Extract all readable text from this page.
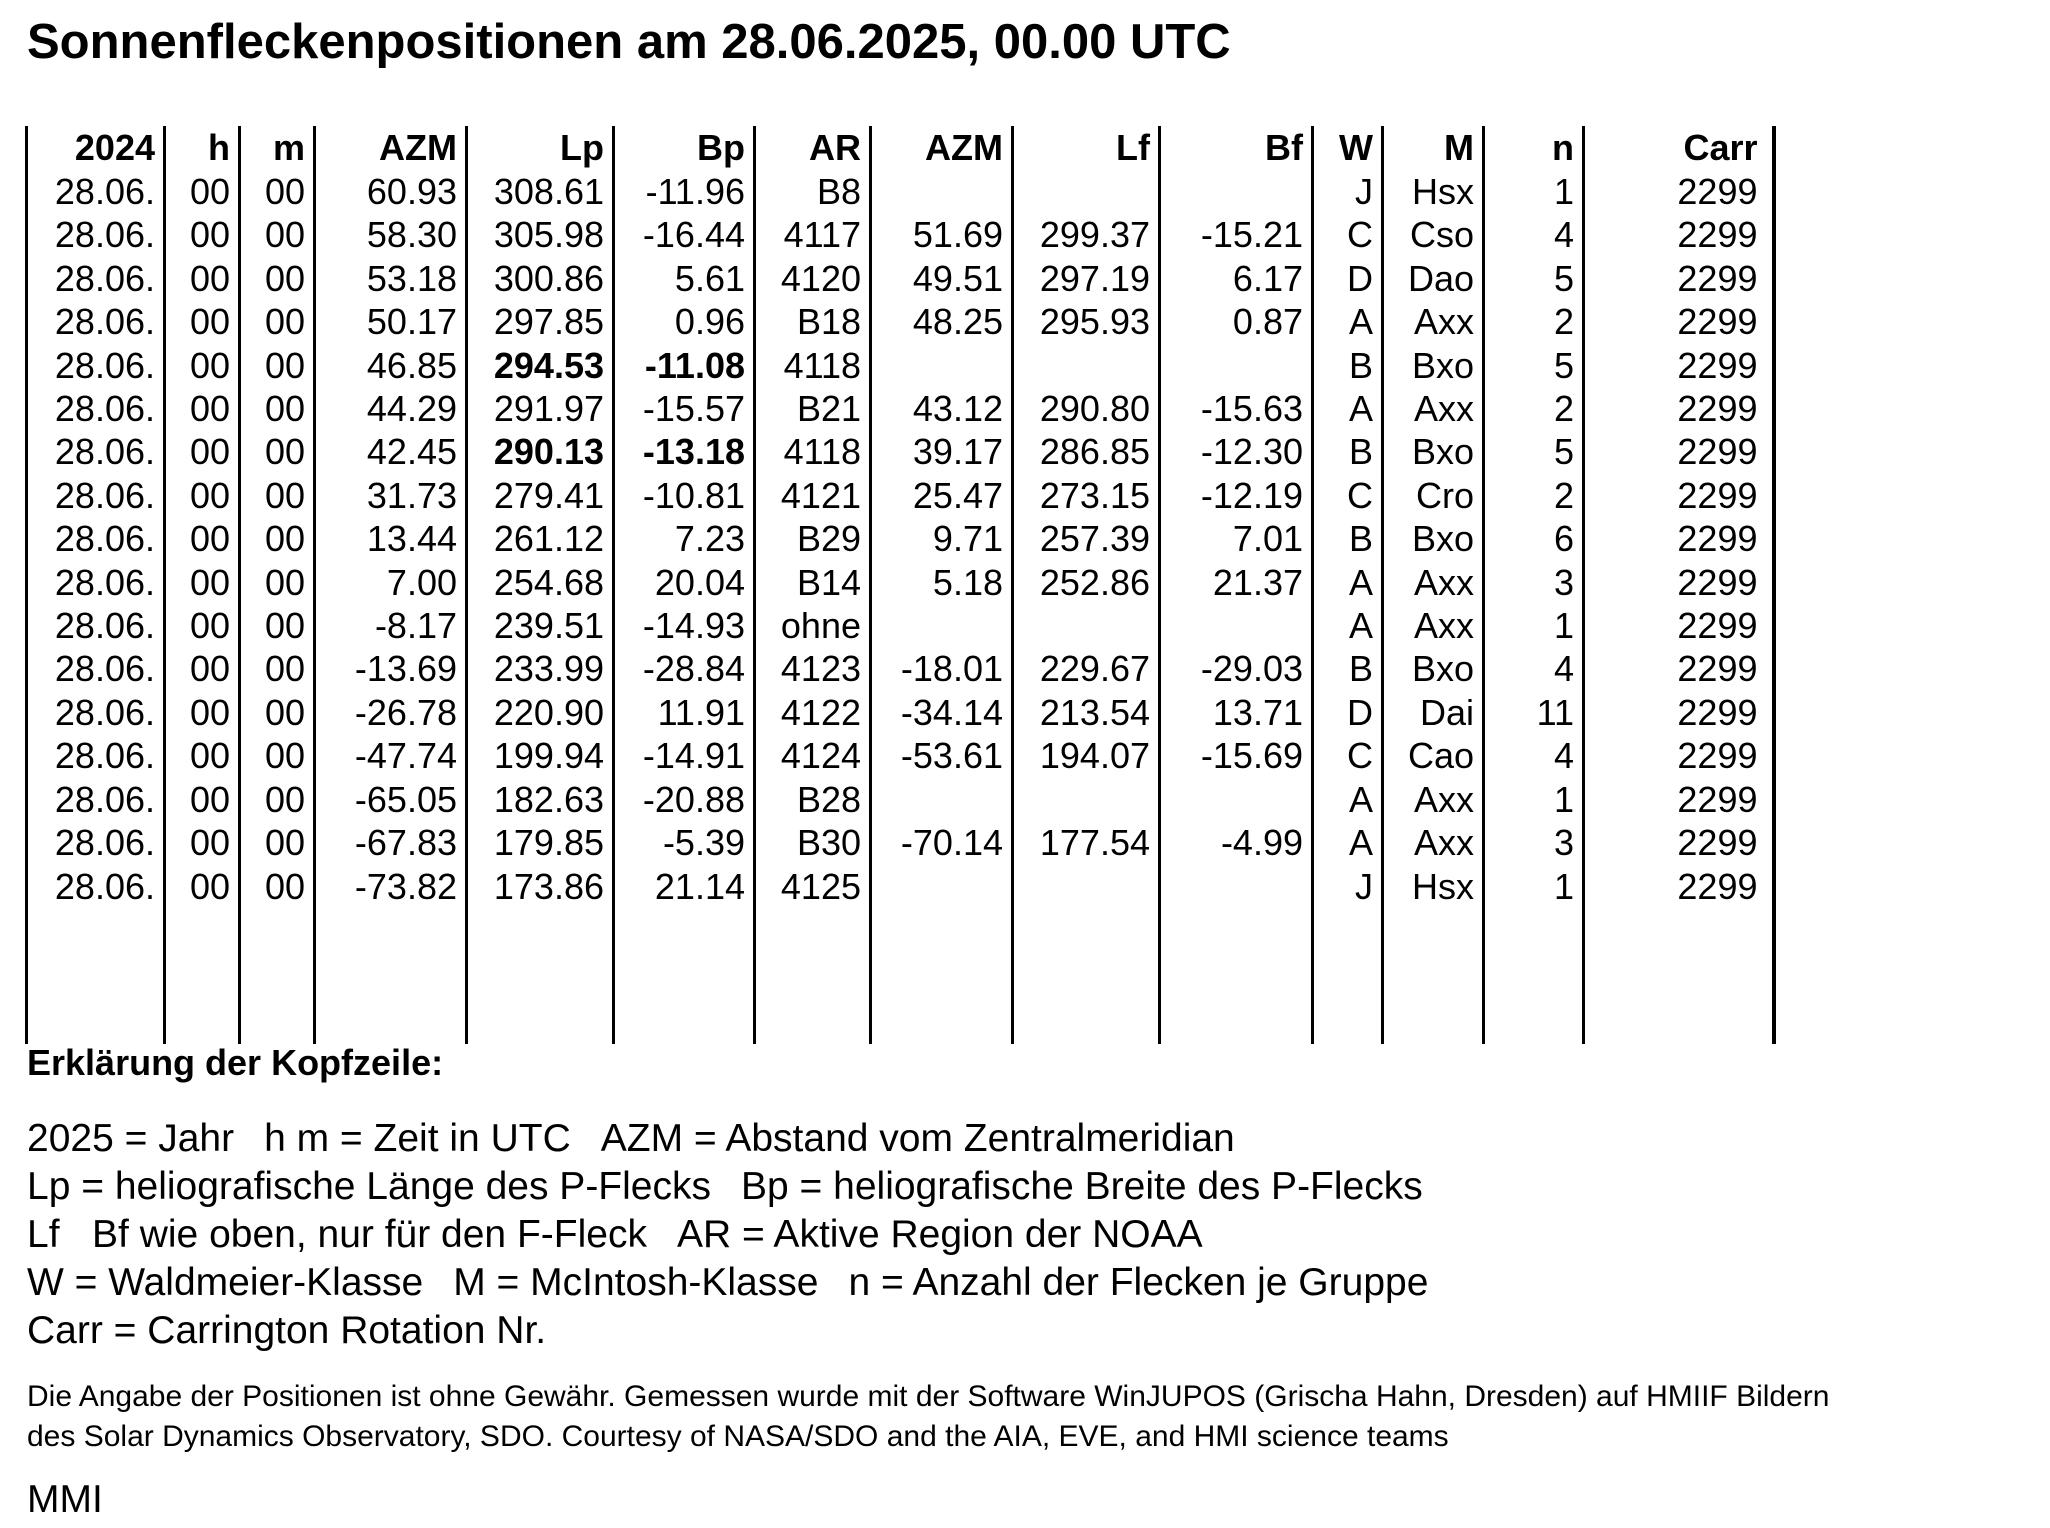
Sonnenfleckenpositionen am 28.06.2025, 00.00 UTC
2024	h	m	AZM	Lp	Bp	AR	AZM	Lf	Bf	W	M	n	Carr
28.06.	00	00	60.93	308.61	-11.96	B8				J	Hsx	1	2299
28.06.	00	00	58.30	305.98	-16.44	4117	51.69	299.37	-15.21	C	Cso	4	2299
28.06.	00	00	53.18	300.86	5.61	4120	49.51	297.19	6.17	D	Dao	5	2299
28.06.	00	00	50.17	297.85	0.96	B18	48.25	295.93	0.87	A	Axx	2	2299
28.06.	00	00	46.85	294.53	-11.08	4118				B	Bxo	5	2299
28.06.	00	00	44.29	291.97	-15.57	B21	43.12	290.80	-15.63	A	Axx	2	2299
28.06.	00	00	42.45	290.13	-13.18	4118	39.17	286.85	-12.30	B	Bxo	5	2299
28.06.	00	00	31.73	279.41	-10.81	4121	25.47	273.15	-12.19	C	Cro	2	2299
28.06.	00	00	13.44	261.12	7.23	B29	9.71	257.39	7.01	B	Bxo	6	2299
28.06.	00	00	7.00	254.68	20.04	B14	5.18	252.86	21.37	A	Axx	3	2299
28.06.	00	00	-8.17	239.51	-14.93	ohne				A	Axx	1	2299
28.06.	00	00	-13.69	233.99	-28.84	4123	-18.01	229.67	-29.03	B	Bxo	4	2299
28.06.	00	00	-26.78	220.90	11.91	4122	-34.14	213.54	13.71	D	Dai	11	2299
28.06.	00	00	-47.74	199.94	-14.91	4124	-53.61	194.07	-15.69	C	Cao	4	2299
28.06.	00	00	-65.05	182.63	-20.88	B28				A	Axx	1	2299
28.06.	00	00	-67.83	179.85	-5.39	B30	-70.14	177.54	-4.99	A	Axx	3	2299
28.06.	00	00	-73.82	173.86	21.14	4125				J	Hsx	1	2299

Erklärung der Kopfzeile:
2025 = Jahr h m = Zeit in UTC AZM = Abstand vom Zentralmeridian
Lp = heliografische Länge des P-Flecks Bp = heliografische Breite des P-Flecks
Lf   Bf wie oben, nur für den F-Fleck AR = Aktive Region der NOAA
W = Waldmeier-Klasse M = McIntosh-Klasse n = Anzahl der Flecken je Gruppe
Carr = Carrington Rotation Nr.
Die Angabe der Positionen ist ohne Gewähr. Gemessen wurde mit der Software WinJUPOS (Grischa Hahn, Dresden) auf HMIIF Bildern
des Solar Dynamics Observatory, SDO. Courtesy of NASA/SDO and the AIA, EVE, and HMI science teams
MMI
